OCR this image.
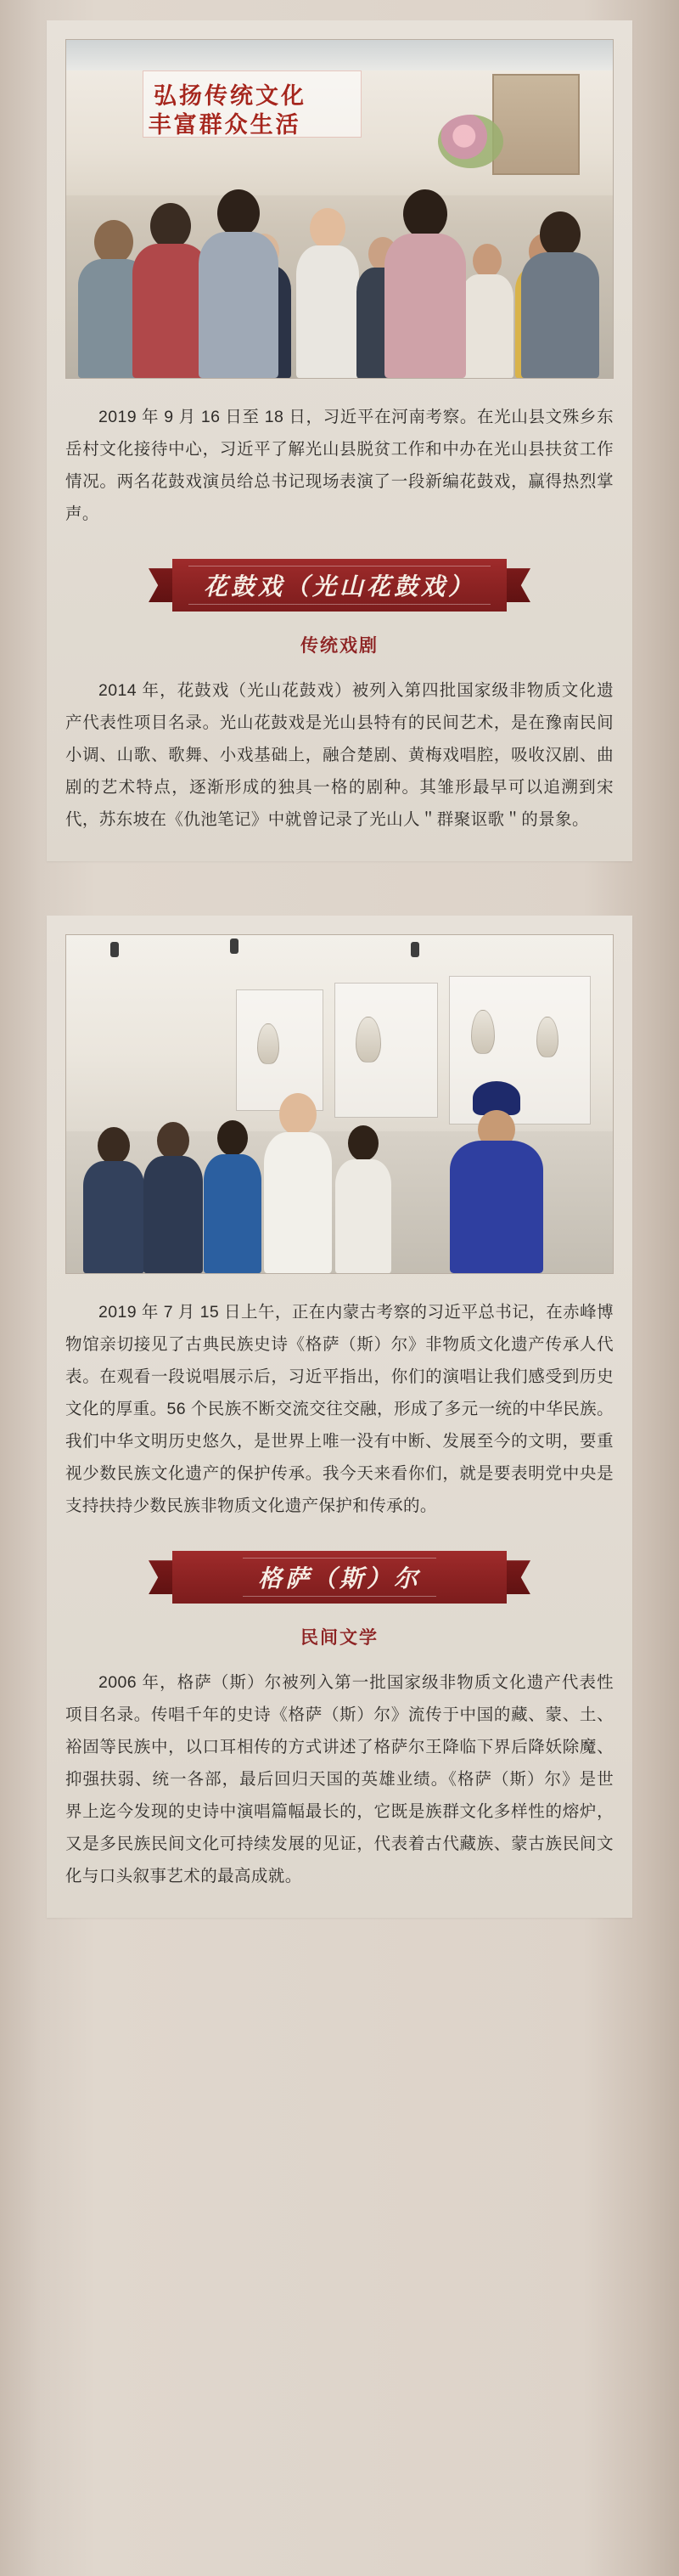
弘扬传统文化
丰富群众生活
2019 年 9 月 16 日至 18 日，习近平在河南考察。在光山县文殊乡东岳村文化接待中心，习近平了解光山县脱贫工作和中办在光山县扶贫工作情况。两名花鼓戏演员给总书记现场表演了一段新编花鼓戏，赢得热烈掌声。
花鼓戏（光山花鼓戏）
传统戏剧
2014 年，花鼓戏（光山花鼓戏）被列入第四批国家级非物质文化遗产代表性项目名录。光山花鼓戏是光山县特有的民间艺术，是在豫南民间小调、山歌、歌舞、小戏基础上，融合楚剧、黄梅戏唱腔，吸收汉剧、曲剧的艺术特点，逐渐形成的独具一格的剧种。其雏形最早可以追溯到宋代，苏东坡在《仇池笔记》中就曾记录了光山人＂群聚讴歌＂的景象。
2019 年 7 月 15 日上午，正在内蒙古考察的习近平总书记，在赤峰博物馆亲切接见了古典民族史诗《格萨（斯）尔》非物质文化遗产传承人代表。在观看一段说唱展示后，习近平指出，你们的演唱让我们感受到历史文化的厚重。56 个民族不断交流交往交融，形成了多元一统的中华民族。我们中华文明历史悠久，是世界上唯一没有中断、发展至今的文明，要重视少数民族文化遗产的保护传承。我今天来看你们，就是要表明党中央是支持扶持少数民族非物质文化遗产保护和传承的。
格萨（斯）尔
民间文学
2006 年，格萨（斯）尔被列入第一批国家级非物质文化遗产代表性项目名录。传唱千年的史诗《格萨（斯）尔》流传于中国的藏、蒙、土、裕固等民族中，以口耳相传的方式讲述了格萨尔王降临下界后降妖除魔、抑强扶弱、统一各部，最后回归天国的英雄业绩。《格萨（斯）尔》是世界上迄今发现的史诗中演唱篇幅最长的，它既是族群文化多样性的熔炉，又是多民族民间文化可持续发展的见证，代表着古代藏族、蒙古族民间文化与口头叙事艺术的最高成就。
